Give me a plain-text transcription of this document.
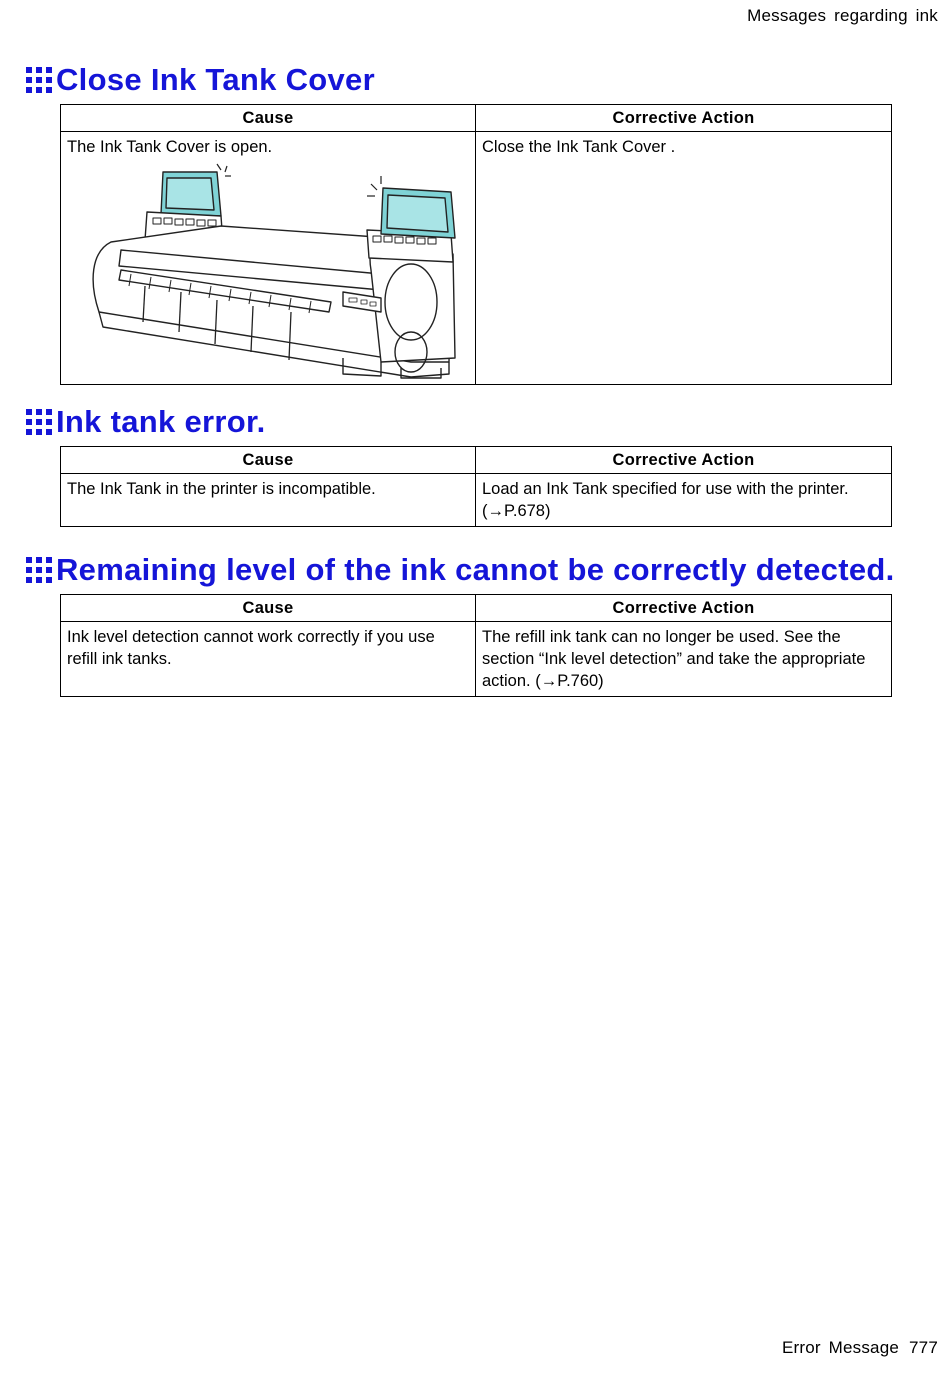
Messages regarding ink
Close Ink Tank Cover
Cause	Corrective Action

The Ink Tank Cover is open.	Close the Ink Tank Cover .
Ink tank error.
Cause	Corrective Action

The Ink Tank in the printer is incompatible.	Load an Ink Tank specified for use with the printer.
(→P.678)
Remaining level of the ink cannot be correctly detected.
Cause	Corrective Action

Ink level detection cannot work correctly if you use refill ink tanks.	The refill ink tank can no longer be used. See the section “Ink level detection” and take the appropriate action. (→P.760)
Error Message 777
